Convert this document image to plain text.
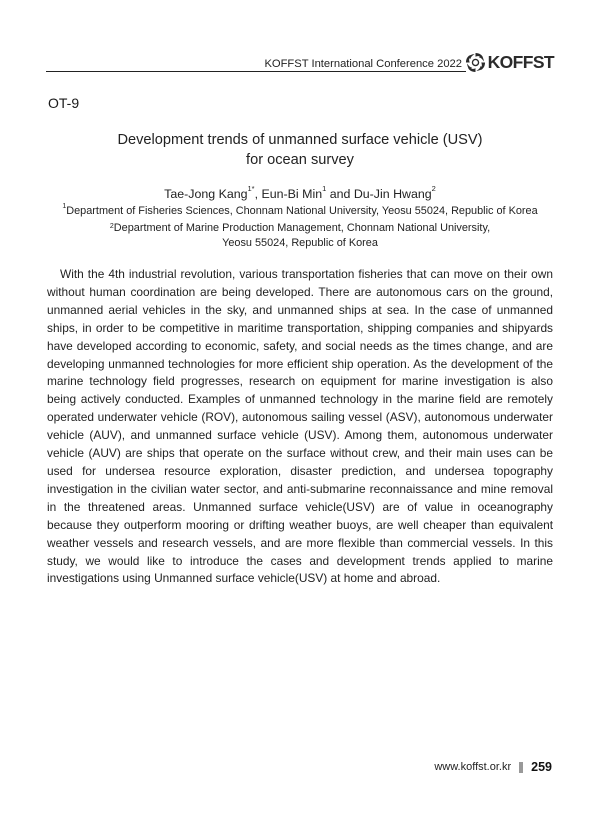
KOFFST International Conference 2022 KOFFST
OT-9
Development trends of unmanned surface vehicle (USV)
for ocean survey
Tae-Jong Kang$^{1*}$, Eun-Bi Min$^1$ and Du-Jin Hwang$^2$
$^1$Department of Fisheries Sciences, Chonnam National University, Yeosu 55024, Republic of Korea
$^2$Department of Marine Production Management, Chonnam National University,
Yeosu 55024, Republic of Korea

With the 4th industrial revolution, various transportation fisheries that can move on their own without human coordination are being developed. There are autonomous cars on the ground, unmanned aerial vehicles in the sky, and unmanned ships at sea. In the case of unmanned ships, in order to be competitive in maritime transportation, shipping companies and shipyards have developed according to economic, safety, and social needs as the times change, and are developing unmanned technologies for more efficient ship operation. As the development of the marine technology field progresses, research on equipment for marine investigation is also being actively conducted. Examples of unmanned technology in the marine field are remotely operated underwater vehicle (ROV), autonomous sailing vessel (ASV), autonomous underwater vehicle (AUV), and unmanned surface vehicle (USV). Among them, autonomous underwater vehicle (AUV) are ships that operate on the surface without crew, and their main uses can be used for undersea resource exploration, disaster prediction, and undersea topography investigation in the civilian water sector, and anti-submarine reconnaissance and mine removal in the threatened areas. Unmanned surface vehicle(USV) are of value in oceanography because they outperform mooring or drifting weather buoys, are well cheaper than equivalent weather vessels and research vessels, and are more flexible than commercial vessels. In this study, we would like to introduce the cases and development trends applied to marine investigations using Unmanned surface vehicle(USV) at home and abroad.

www.koffst.or.kr 259
